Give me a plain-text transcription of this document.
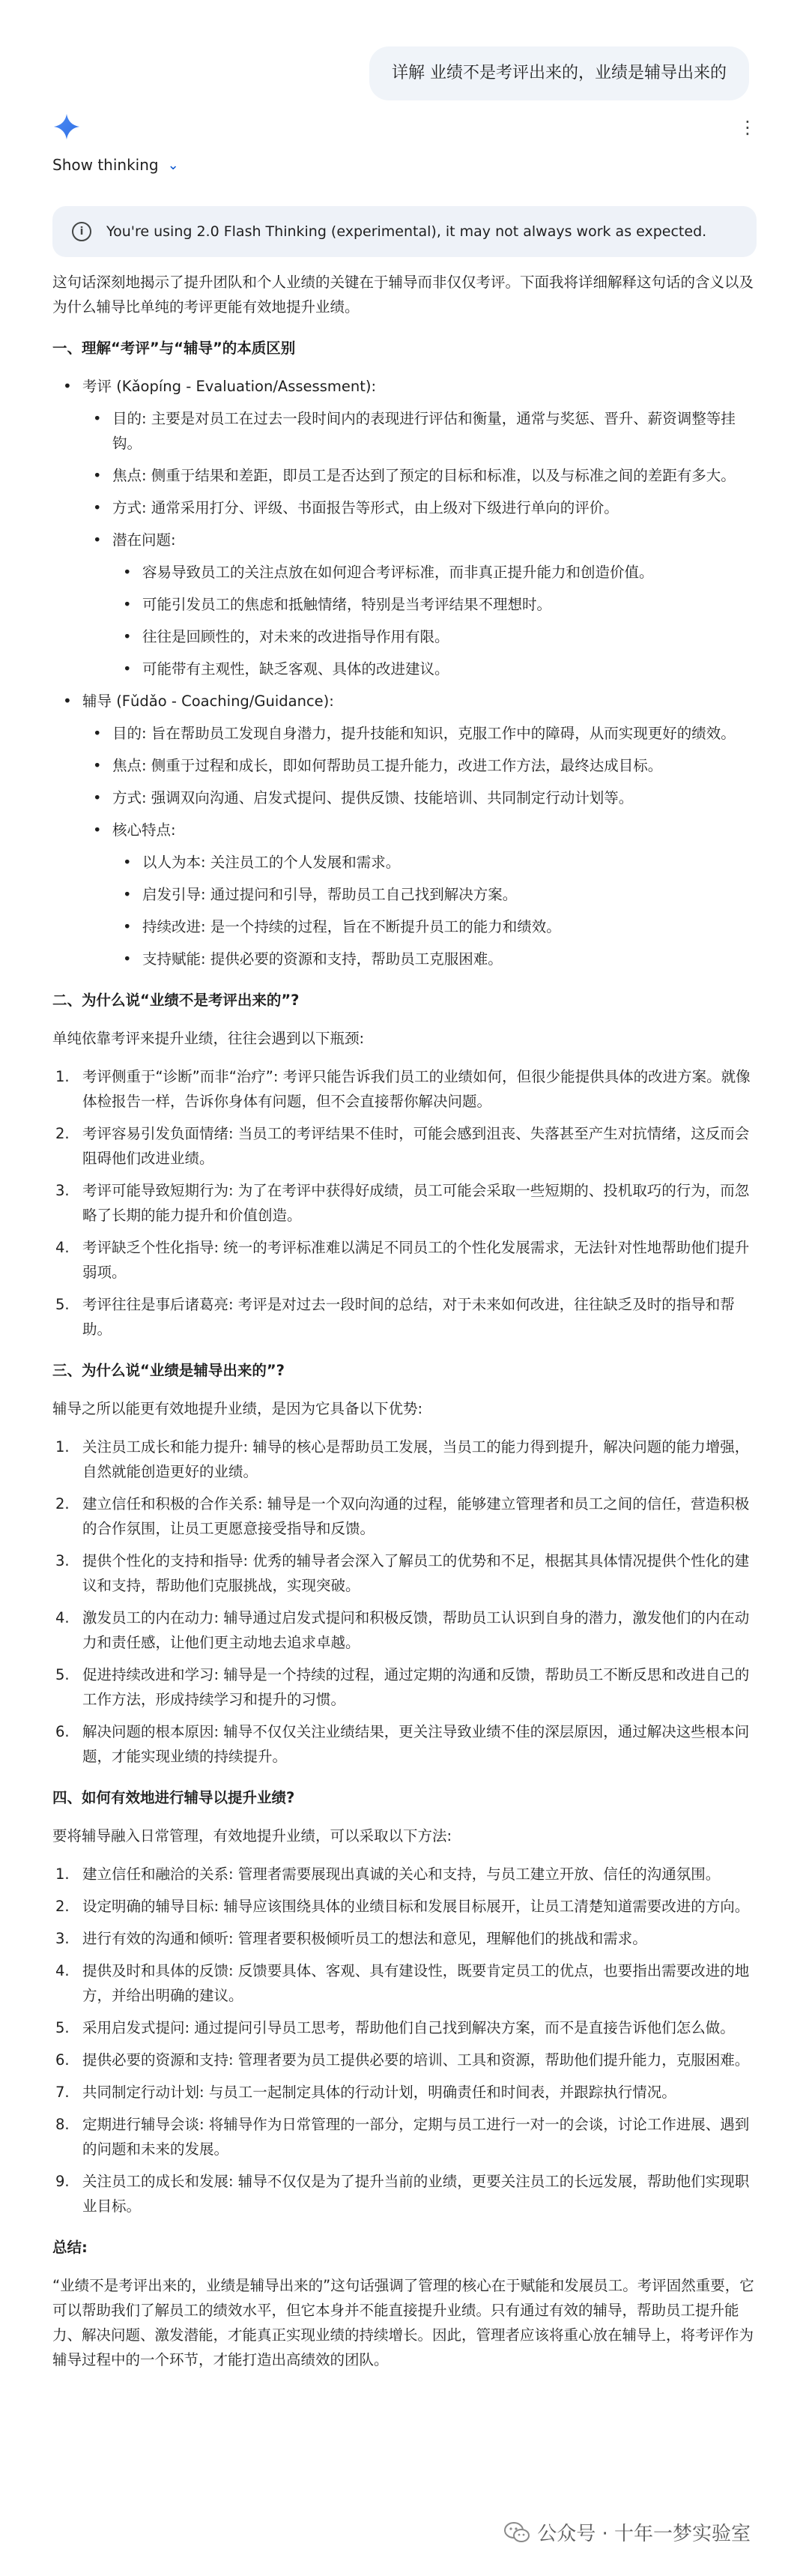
详解 业绩不是考评出来的，业绩是辅导出来的
⋮
Show thinking ⌄
i	You're using 2.0 Flash Thinking (experimental), it may not always work as expected.

这句话深刻地揭示了提升团队和个人业绩的关键在于辅导而非仅仅考评。下面我将详细解释这句话的含义以及为什么辅导比单纯的考评更能有效地提升业绩。

一、理解“考评”与“辅导”的本质区别
• 考评 (Kǎopíng - Evaluation/Assessment):
• 目的: 主要是对员工在过去一段时间内的表现进行评估和衡量，通常与奖惩、晋升、薪资调整等挂钩。
• 焦点: 侧重于结果和差距，即员工是否达到了预定的目标和标准，以及与标准之间的差距有多大。
• 方式: 通常采用打分、评级、书面报告等形式，由上级对下级进行单向的评价。
• 潜在问题:
• 容易导致员工的关注点放在如何迎合考评标准，而非真正提升能力和创造价值。
• 可能引发员工的焦虑和抵触情绪，特别是当考评结果不理想时。
• 往往是回顾性的，对未来的改进指导作用有限。
• 可能带有主观性，缺乏客观、具体的改进建议。
• 辅导 (Fǔdǎo - Coaching/Guidance):
• 目的: 旨在帮助员工发现自身潜力，提升技能和知识，克服工作中的障碍，从而实现更好的绩效。
• 焦点: 侧重于过程和成长，即如何帮助员工提升能力，改进工作方法，最终达成目标。
• 方式: 强调双向沟通、启发式提问、提供反馈、技能培训、共同制定行动计划等。
• 核心特点:
• 以人为本: 关注员工的个人发展和需求。
• 启发引导: 通过提问和引导，帮助员工自己找到解决方案。
• 持续改进: 是一个持续的过程，旨在不断提升员工的能力和绩效。
• 支持赋能: 提供必要的资源和支持，帮助员工克服困难。
二、为什么说“业绩不是考评出来的”?

单纯依靠考评来提升业绩，往往会遇到以下瓶颈:

1. 考评侧重于“诊断”而非“治疗”: 考评只能告诉我们员工的业绩如何，但很少能提供具体的改进方案。就像体检报告一样，告诉你身体有问题，但不会直接帮你解决问题。
2. 考评容易引发负面情绪: 当员工的考评结果不佳时，可能会感到沮丧、失落甚至产生对抗情绪，这反而会阻碍他们改进业绩。
3. 考评可能导致短期行为: 为了在考评中获得好成绩，员工可能会采取一些短期的、投机取巧的行为，而忽略了长期的能力提升和价值创造。
4. 考评缺乏个性化指导: 统一的考评标准难以满足不同员工的个性化发展需求，无法针对性地帮助他们提升弱项。
5. 考评往往是事后诸葛亮: 考评是对过去一段时间的总结，对于未来如何改进，往往缺乏及时的指导和帮助。
三、为什么说“业绩是辅导出来的”?

辅导之所以能更有效地提升业绩，是因为它具备以下优势:

1. 关注员工成长和能力提升: 辅导的核心是帮助员工发展，当员工的能力得到提升，解决问题的能力增强，自然就能创造更好的业绩。
2. 建立信任和积极的合作关系: 辅导是一个双向沟通的过程，能够建立管理者和员工之间的信任，营造积极的合作氛围，让员工更愿意接受指导和反馈。
3. 提供个性化的支持和指导: 优秀的辅导者会深入了解员工的优势和不足，根据其具体情况提供个性化的建议和支持，帮助他们克服挑战，实现突破。
4. 激发员工的内在动力: 辅导通过启发式提问和积极反馈，帮助员工认识到自身的潜力，激发他们的内在动力和责任感，让他们更主动地去追求卓越。
5. 促进持续改进和学习: 辅导是一个持续的过程，通过定期的沟通和反馈，帮助员工不断反思和改进自己的工作方法，形成持续学习和提升的习惯。
6. 解决问题的根本原因: 辅导不仅仅关注业绩结果，更关注导致业绩不佳的深层原因，通过解决这些根本问题，才能实现业绩的持续提升。
四、如何有效地进行辅导以提升业绩?

要将辅导融入日常管理，有效地提升业绩，可以采取以下方法:

1. 建立信任和融洽的关系: 管理者需要展现出真诚的关心和支持，与员工建立开放、信任的沟通氛围。
2. 设定明确的辅导目标: 辅导应该围绕具体的业绩目标和发展目标展开，让员工清楚知道需要改进的方向。
3. 进行有效的沟通和倾听: 管理者要积极倾听员工的想法和意见，理解他们的挑战和需求。
4. 提供及时和具体的反馈: 反馈要具体、客观、具有建设性，既要肯定员工的优点，也要指出需要改进的地方，并给出明确的建议。
5. 采用启发式提问: 通过提问引导员工思考，帮助他们自己找到解决方案，而不是直接告诉他们怎么做。
6. 提供必要的资源和支持: 管理者要为员工提供必要的培训、工具和资源，帮助他们提升能力，克服困难。
7. 共同制定行动计划: 与员工一起制定具体的行动计划，明确责任和时间表，并跟踪执行情况。
8. 定期进行辅导会谈: 将辅导作为日常管理的一部分，定期与员工进行一对一的会谈，讨论工作进展、遇到的问题和未来的发展。
9. 关注员工的成长和发展: 辅导不仅仅是为了提升当前的业绩，更要关注员工的长远发展，帮助他们实现职业目标。
总结:

“业绩不是考评出来的，业绩是辅导出来的”这句话强调了管理的核心在于赋能和发展员工。考评固然重要，它可以帮助我们了解员工的绩效水平，但它本身并不能直接提升业绩。只有通过有效的辅导，帮助员工提升能力、解决问题、激发潜能，才能真正实现业绩的持续增长。因此，管理者应该将重心放在辅导上，将考评作为辅导过程中的一个环节，才能打造出高绩效的团队。

公众号 · 十年一梦实验室
